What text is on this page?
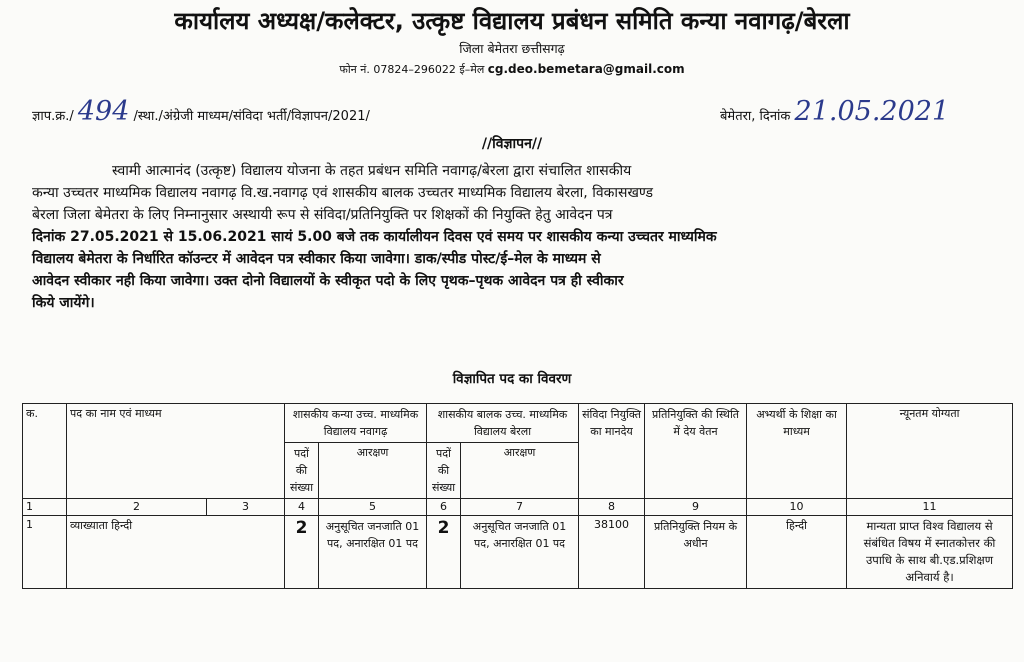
कार्यालय अध्यक्ष/कलेक्टर, उत्कृष्ट विद्यालय प्रबंधन समिति कन्या नवागढ़/बेरला
जिला बेमेतरा छत्तीसगढ़
फोन नं. 07824–296022 ई–मेल cg.deo.bemetara@gmail.com
ज्ञाप.क्र./ 494 /स्था./अंग्रेजी माध्यम/संविदा भर्ती/विज्ञापन/2021/	बेमेतरा, दिनांक 21.05.2021
//विज्ञापन//
स्वामी आत्मानंद (उत्कृष्ट) विद्यालय योजना के तहत प्रबंधन समिति नवागढ़/बेरला द्वारा संचालित शासकीय
कन्या उच्चतर माध्यमिक विद्यालय नवागढ़ वि.ख.नवागढ़ एवं शासकीय बालक उच्चतर माध्यमिक विद्यालय बेरला, विकासखण्ड
बेरला जिला बेमेतरा के लिए निम्नानुसार अस्थायी रूप से संविदा/प्रतिनियुक्ति पर शिक्षकों की नियुक्ति हेतु आवेदन पत्र
दिनांक 27.05.2021 से 15.06.2021 सायं 5.00 बजे तक कार्यालीयन दिवस एवं समय पर शासकीय कन्या उच्चतर माध्यमिक
विद्यालय बेमेतरा के निर्धारित कॉउन्टर में आवेदन पत्र स्वीकार किया जावेगा। डाक/स्पीड पोस्ट/ई–मेल के माध्यम से
आवेदन स्वीकार नही किया जावेगा। उक्त दोनो विद्यालयों के स्वीकृत पदो के लिए पृथक–पृथक आवेदन पत्र ही स्वीकार
किये जायेंगे।
विज्ञापित पद का विवरण
क.	पद का नाम एवं माध्यम		शासकीय कन्या उच्च. माध्यमिक विद्यालय नवागढ़		शासकीय बालक उच्च. माध्यमिक विद्यालय बेरला		संविदा नियुक्ति का मानदेय	प्रतिनियुक्ति की स्थिति में देय वेतन	अभ्यर्थी के शिक्षा का माध्यम	न्यूनतम योग्यता
			पदों की संख्या	आरक्षण	पदों की संख्या	आरक्षण				
1	2	3	4	5	6	7	8	9	10	11
1	व्याख्याता हिन्दी		2	अनुसूचित जनजाति 01 पद, अनारक्षित 01 पद	2	अनुसूचित जनजाति 01 पद, अनारक्षित 01 पद	38100	प्रतिनियुक्ति नियम के अधीन	हिन्दी	मान्यता प्राप्त विश्व विद्यालय से संबंधित विषय में स्नातकोत्तर की उपाधि के साथ बी.एड.प्रशिक्षण अनिवार्य है।
